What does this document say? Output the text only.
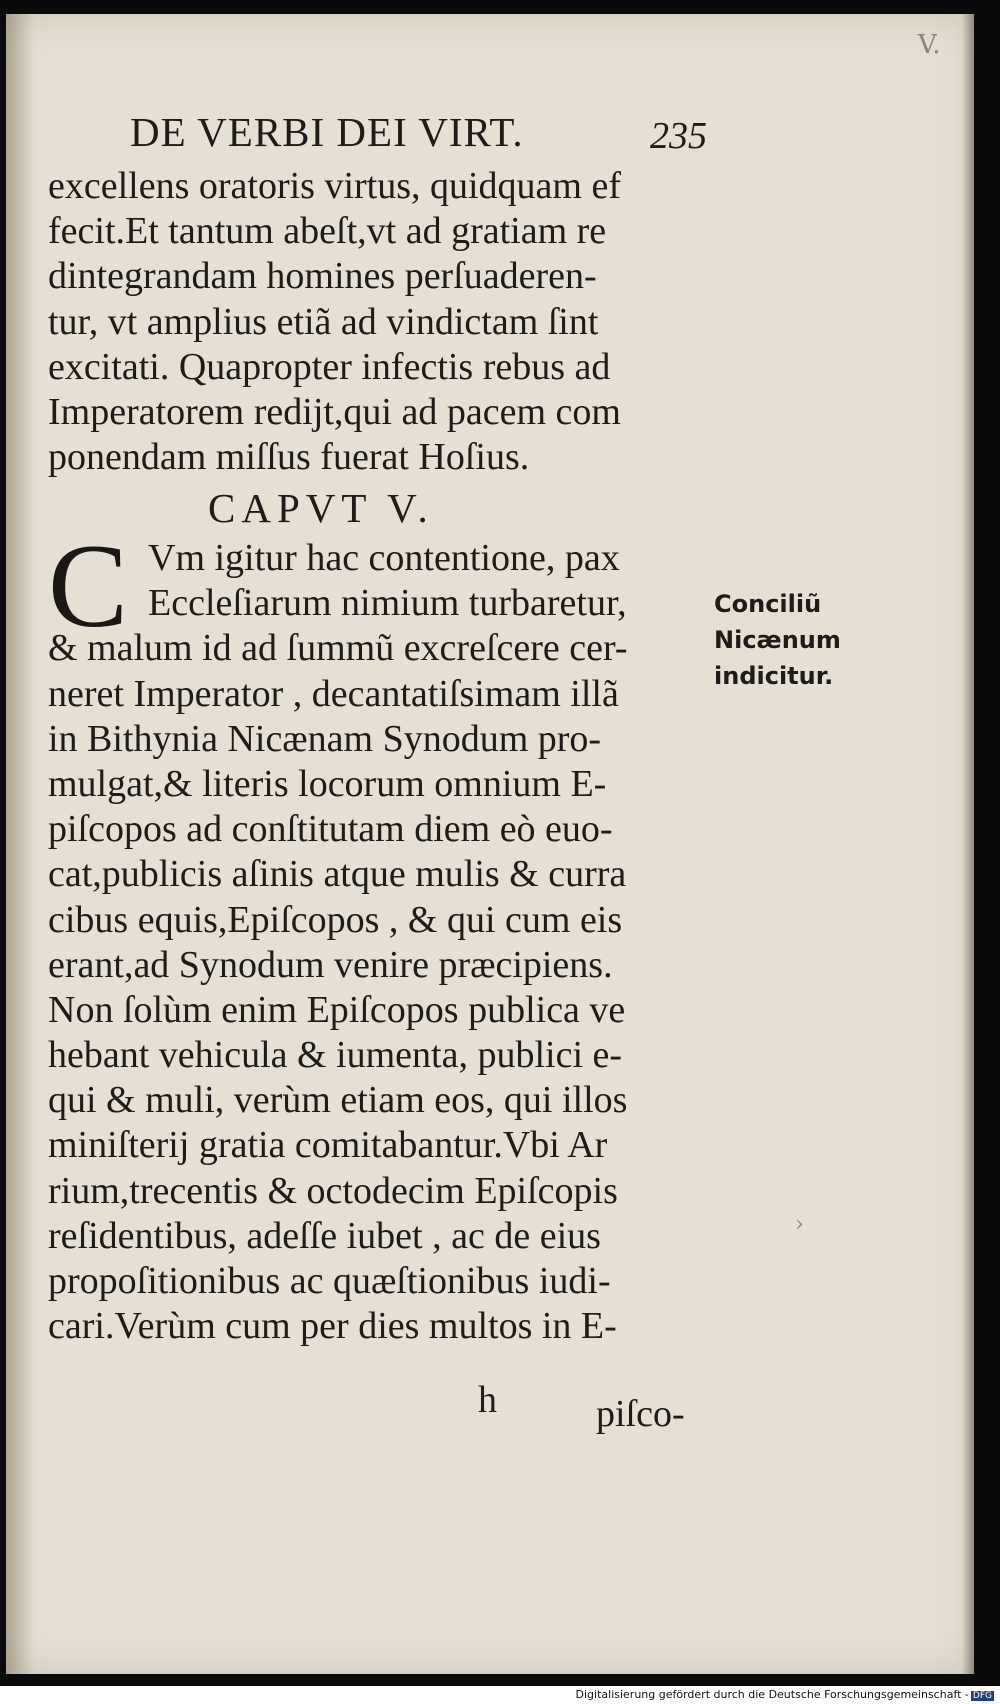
V.
DE VERBI DEI VIRT.	235
excellens oratoris virtus, quidquam ef
fecit.Et tantum abeſt,vt ad gratiam re
dintegrandam homines perſuaderen-
tur, vt amplius etiã ad vindictam ſint
excitati. Quapropter infectis rebus ad
Imperatorem redijt,qui ad pacem com
ponendam miſſus fuerat Hoſius.
CAPVT V.
C Vm igitur hac contentione, pax
Eccleſiarum nimium turbaretur,
& malum id ad ſummũ excreſcere cer-
neret Imperator , decantatiſsimam illã
in Bithynia Nicænam Synodum pro-
mulgat,& literis locorum omnium E-
piſcopos ad conſtitutam diem eò euo-
cat,publicis aſinis atque mulis & curra
cibus equis,Epiſcopos , & qui cum eis
erant,ad Synodum venire præcipiens.
Non ſolùm enim Epiſcopos publica ve
hebant vehicula & iumenta, publici e-
qui & muli, verùm etiam eos, qui illos
miniſterij gratia comitabantur.Vbi Ar
rium,trecentis & octodecim Epiſcopis
reſidentibus, adeſſe iubet , ac de eius
propoſitionibus ac quæſtionibus iudi-
cari.Verùm cum per dies multos in E-
Conciliũ
Nicænum
indicitur.
›
h	piſco-
Digitalisierung gefördert durch die Deutsche Forschungsgemeinschaft - DFG
